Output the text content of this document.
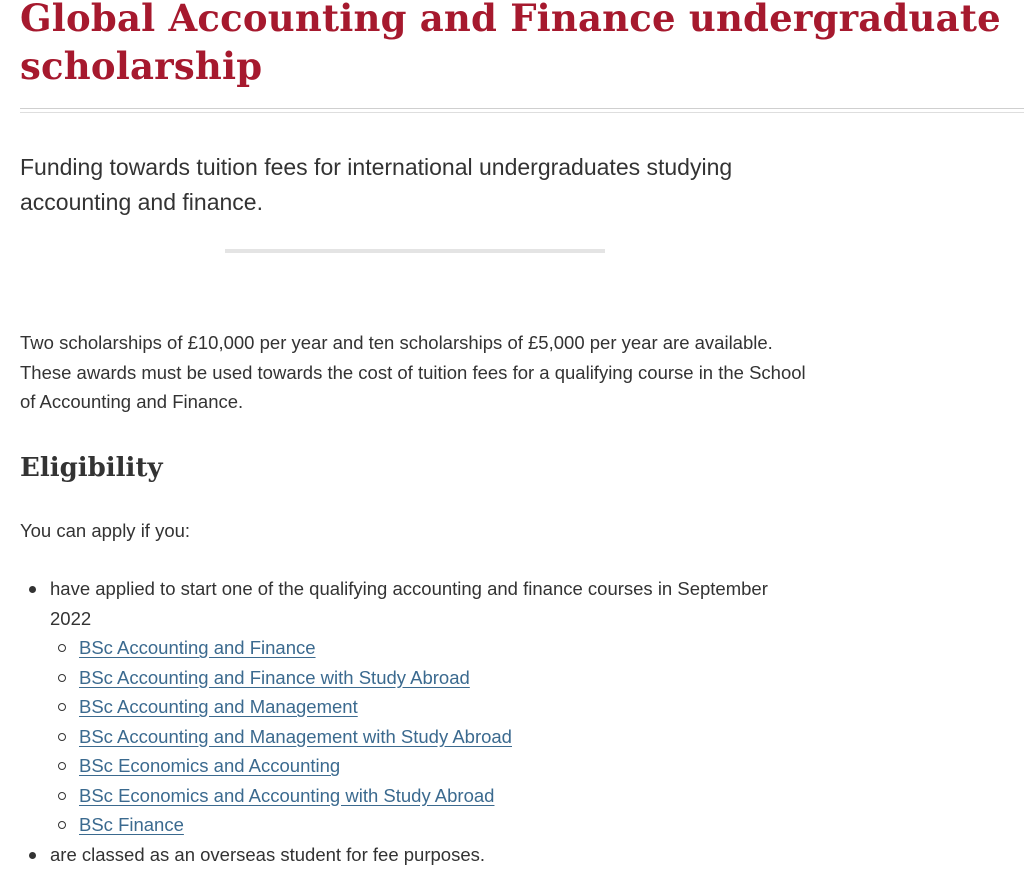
Global Accounting and Finance undergraduate scholarship

Funding towards tuition fees for international undergraduates studying accounting and finance.

Two scholarships of £10,000 per year and ten scholarships of £5,000 per year are available. These awards must be used towards the cost of tuition fees for a qualifying course in the School of Accounting and Finance.

Eligibility

You can apply if you:

have applied to start one of the qualifying accounting and finance courses in September 2022
BSc Accounting and Finance
BSc Accounting and Finance with Study Abroad
BSc Accounting and Management
BSc Accounting and Management with Study Abroad
BSc Economics and Accounting
BSc Economics and Accounting with Study Abroad
BSc Finance
are classed as an overseas student for fee purposes.
